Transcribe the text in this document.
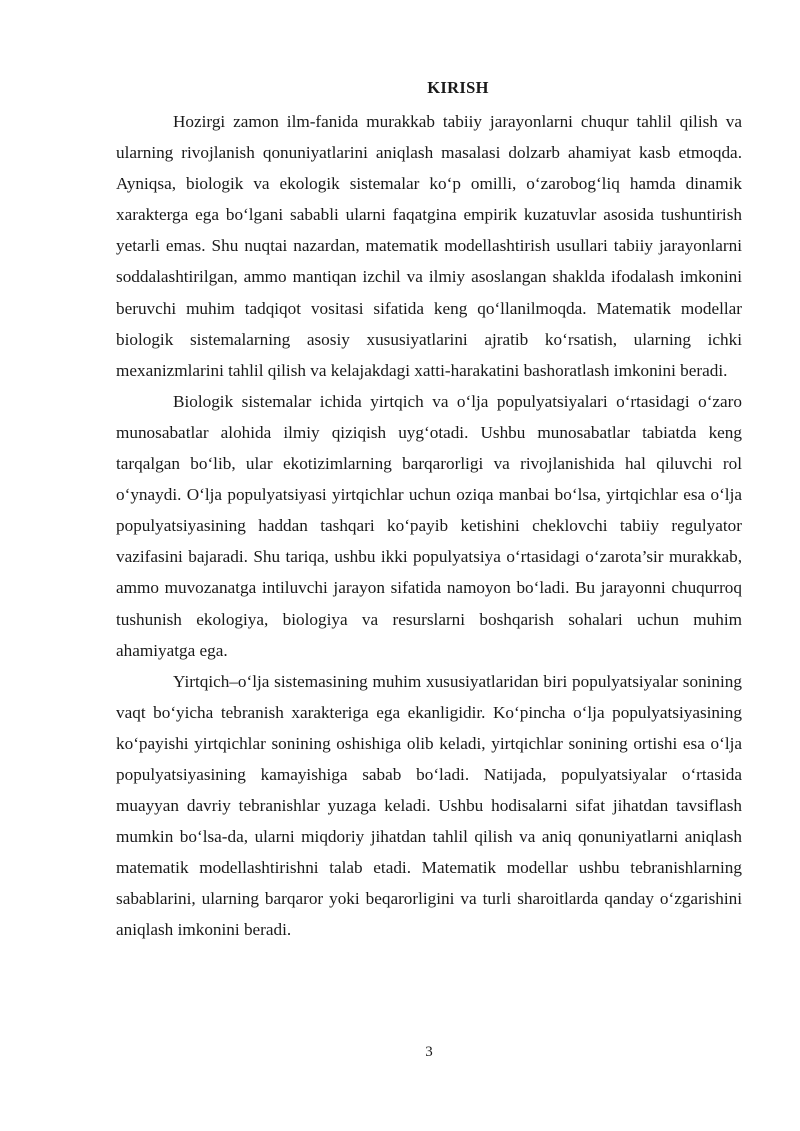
KIRISH

Hozirgi zamon ilm-fanida murakkab tabiiy jarayonlarni chuqur tahlil qilish va ularning rivojlanish qonuniyatlarini aniqlash masalasi dolzarb ahamiyat kasb etmoqda. Ayniqsa, biologik va ekologik sistemalar ko‘p omilli, o‘zarobog‘liq hamda dinamik xarakterga ega bo‘lgani sababli ularni faqatgina empirik kuzatuvlar asosida tushuntirish yetarli emas. Shu nuqtai nazardan, matematik modellashtirish usullari tabiiy jarayonlarni soddalashtirilgan, ammo mantiqan izchil va ilmiy asoslangan shaklda ifodalash imkonini beruvchi muhim tadqiqot vositasi sifatida keng qo‘llanilmoqda. Matematik modellar biologik sistemalarning asosiy xususiyatlarini ajratib ko‘rsatish, ularning ichki mexanizmlarini tahlil qilish va kelajakdagi xatti-harakatini bashoratlash imkonini beradi.

Biologik sistemalar ichida yirtqich va o‘lja populyatsiyalari o‘rtasidagi o‘zaro munosabatlar alohida ilmiy qiziqish uyg‘otadi. Ushbu munosabatlar tabiatda keng tarqalgan bo‘lib, ular ekotizimlarning barqarorligi va rivojlanishida hal qiluvchi rol o‘ynaydi. O‘lja populyatsiyasi yirtqichlar uchun oziqa manbai bo‘lsa, yirtqichlar esa o‘lja populyatsiyasining haddan tashqari ko‘payib ketishini cheklovchi tabiiy regulyator vazifasini bajaradi. Shu tariqa, ushbu ikki populyatsiya o‘rtasidagi o‘zarota’sir murakkab, ammo muvozanatga intiluvchi jarayon sifatida namoyon bo‘ladi. Bu jarayonni chuqurroq tushunish ekologiya, biologiya va resurslarni boshqarish sohalari uchun muhim ahamiyatga ega.

Yirtqich–o‘lja sistemasining muhim xususiyatlaridan biri populyatsiyalar sonining vaqt bo‘yicha tebranish xarakteriga ega ekanligidir. Ko‘pincha o‘lja populyatsiyasining ko‘payishi yirtqichlar sonining oshishiga olib keladi, yirtqichlar sonining ortishi esa o‘lja populyatsiyasining kamayishiga sabab bo‘ladi. Natijada, populyatsiyalar o‘rtasida muayyan davriy tebranishlar yuzaga keladi. Ushbu hodisalarni sifat jihatdan tavsiflash mumkin bo‘lsa-da, ularni miqdoriy jihatdan tahlil qilish va aniq qonuniyatlarni aniqlash matematik modellashtirishni talab etadi. Matematik modellar ushbu tebranishlarning sabablarini, ularning barqaror yoki beqarorligini va turli sharoitlarda qanday o‘zgarishini aniqlash imkonini beradi.

3
